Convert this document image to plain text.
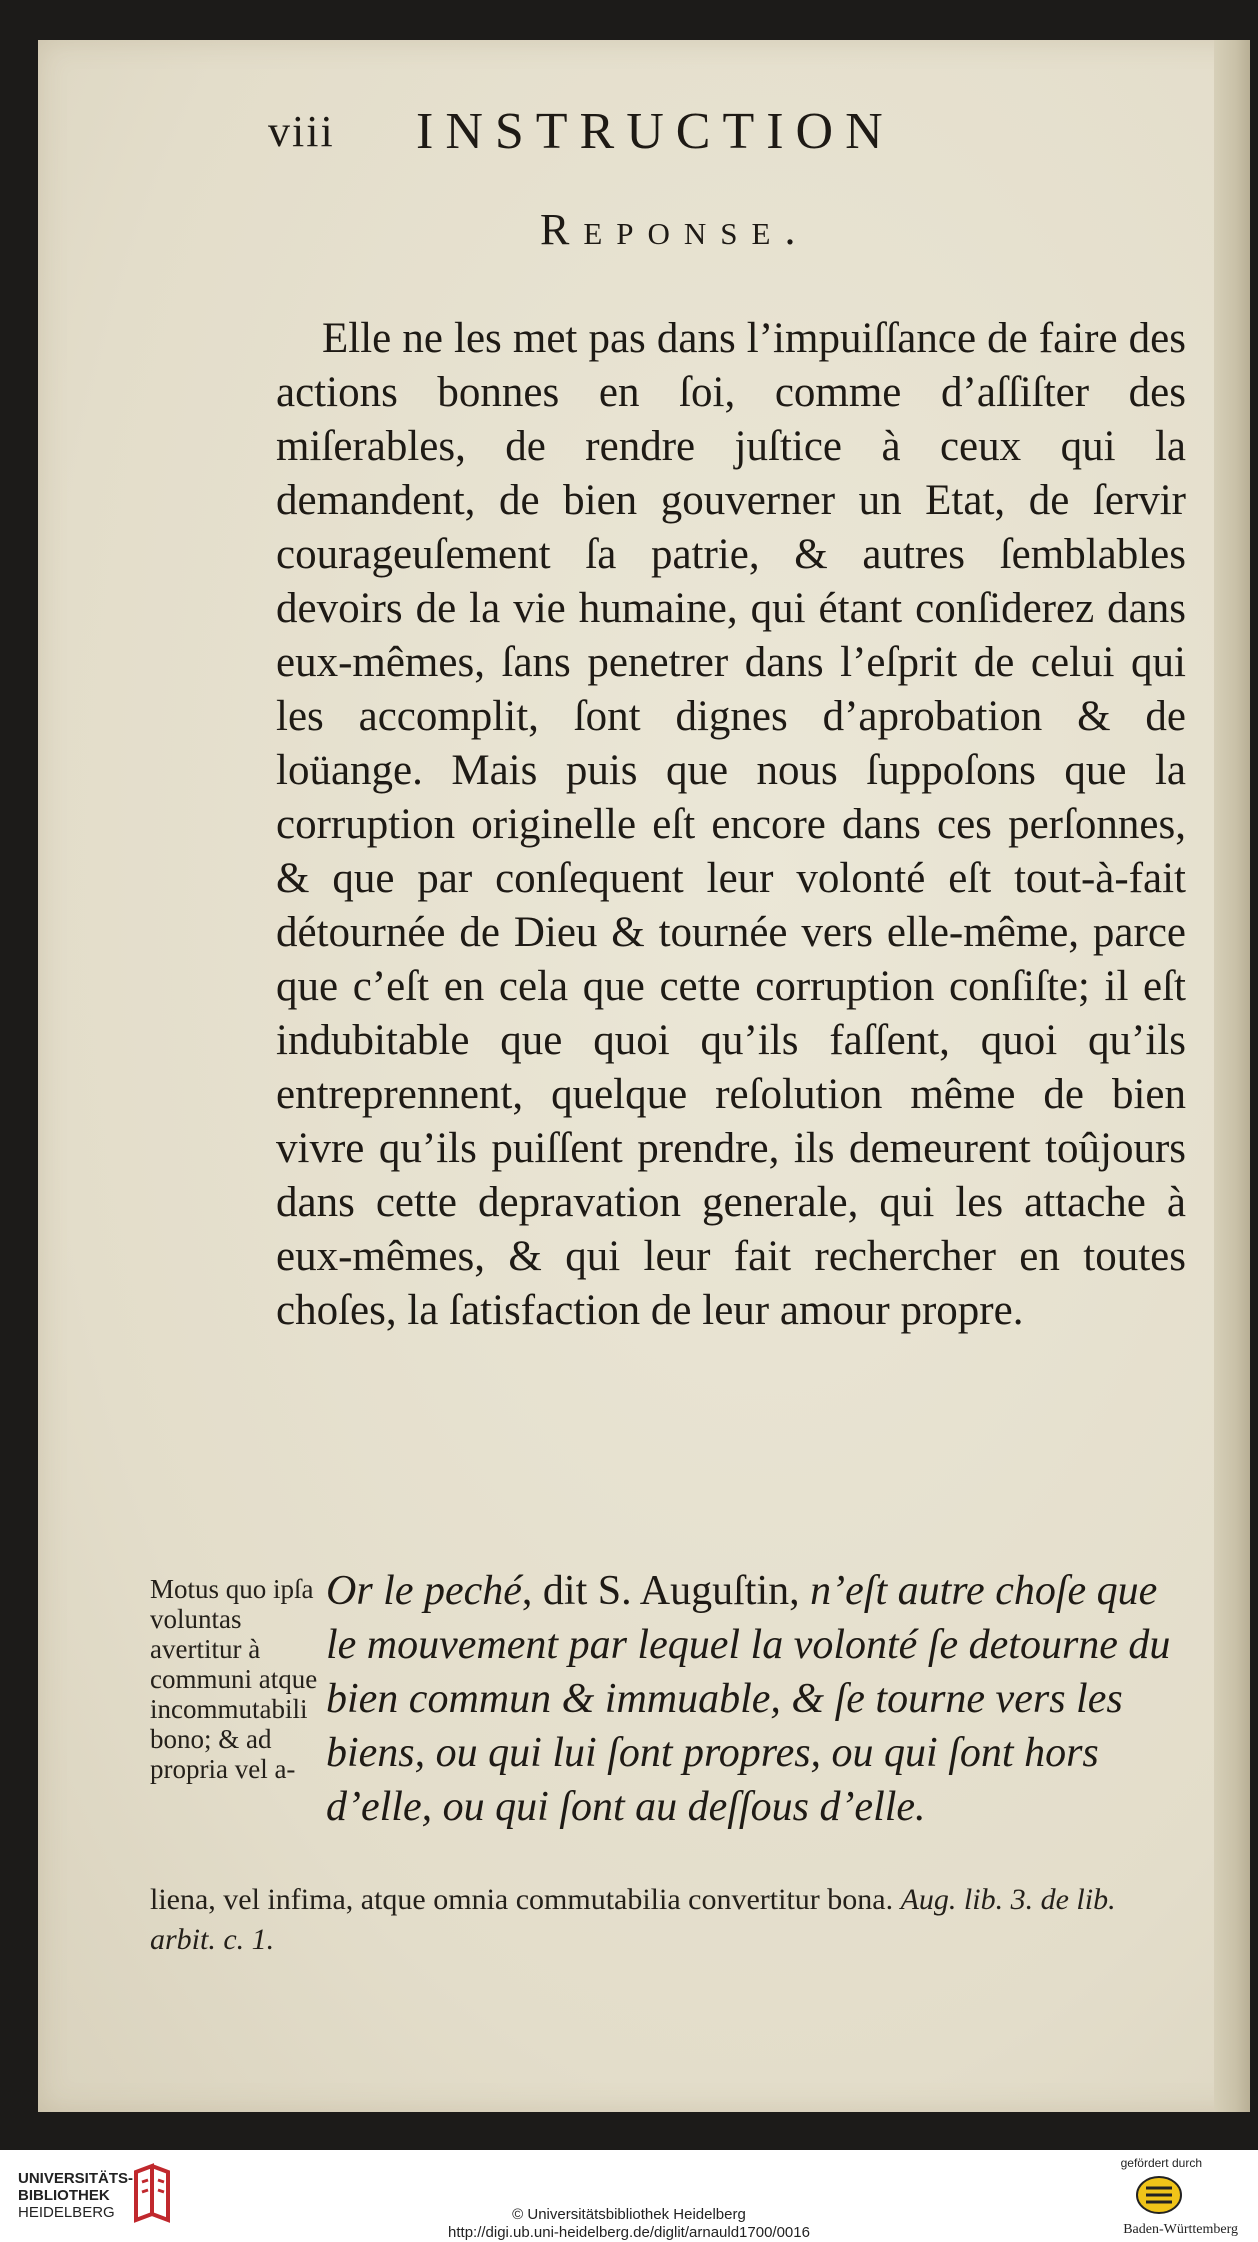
viii INSTRUCTION
Reponse.
Elle ne les met pas dans l’impuiſſance de faire des actions bonnes en ſoi, comme d’aſſiſter des miſerables, de rendre juſtice à ceux qui la demandent, de bien gouverner un Etat, de ſervir courageuſement ſa patrie, & autres ſemblables devoirs de la vie humaine, qui étant conſiderez dans eux-mêmes, ſans penetrer dans l’eſprit de celui qui les accomplit, ſont dignes d’aprobation & de loüange. Mais puis que nous ſuppoſons que la corruption originelle eſt encore dans ces perſonnes, & que par conſequent leur volonté eſt tout-à-fait détournée de Dieu & tournée vers elle-même, parce que c’eſt en cela que cette corruption conſiſte; il eſt indubitable que quoi qu’ils faſſent, quoi qu’ils entreprennent, quelque reſolution même de bien vivre qu’ils puiſſent prendre, ils demeurent toûjours dans cette depravation generale, qui les attache à eux-mêmes, & qui leur fait rechercher en toutes choſes, la ſatisfaction de leur amour propre.
Motus quo ipſa voluntas avertitur à communi atque incommutabili bono; & ad propria vel a-
Or le peché, dit S. Auguſtin, n’eſt autre choſe que le mouvement par lequel la volonté ſe detourne du bien commun & immuable, & ſe tourne vers les biens, ou qui lui ſont propres, ou qui ſont hors d’elle, ou qui ſont au deſſous d’elle.
liena, vel infima, atque omnia commutabilia convertitur bona. Aug. lib. 3. de lib. arbit. c. 1.
UNIVERSITÄTS-
BIBLIOTHEK
HEIDELBERG	© Universitätsbibliothek Heidelberg
http://digi.ub.uni-heidelberg.de/diglit/arnauld1700/0016
gefördert durch
Baden-Württemberg
